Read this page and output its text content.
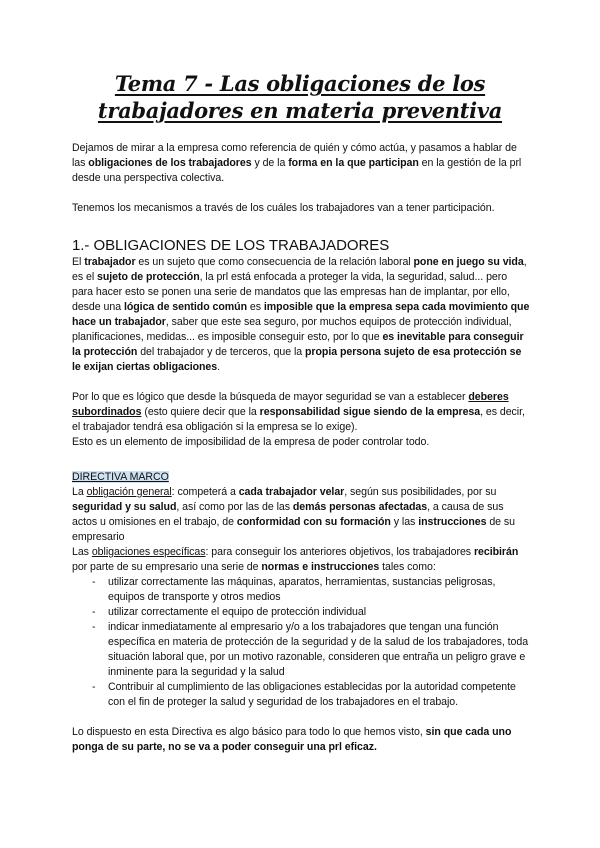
Tema 7 - Las obligaciones de los trabajadores en materia preventiva

Dejamos de mirar a la empresa como referencia de quién y cómo actúa, y pasamos a hablar de las obligaciones de los trabajadores y de la forma en la que participan en la gestión de la prl desde una perspectiva colectiva.

Tenemos los mecanismos a través de los cuáles los trabajadores van a tener participación.

1.- OBLIGACIONES DE LOS TRABAJADORES

El trabajador es un sujeto que como consecuencia de la relación laboral pone en juego su vida, es el sujeto de protección, la prl está enfocada a proteger la vida, la seguridad, salud... pero para hacer esto se ponen una serie de mandatos que las empresas han de implantar, por ello, desde una lógica de sentido común es imposible que la empresa sepa cada movimiento que hace un trabajador, saber que este sea seguro, por muchos equipos de protección individual, planificaciones, medidas... es imposible conseguir esto, por lo que es inevitable para conseguir la protección del trabajador y de terceros, que la propia persona sujeto de esa protección se le exijan ciertas obligaciones.

Por lo que es lógico que desde la búsqueda de mayor seguridad se van a establecer deberes subordinados (esto quiere decir que la responsabilidad sigue siendo de la empresa, es decir, el trabajador tendrá esa obligación si la empresa se lo exige).

Esto es un elemento de imposibilidad de la empresa de poder controlar todo.

DIRECTIVA MARCO

La obligación general: competerá a cada trabajador velar, según sus posibilidades, por su seguridad y su salud, así como por las de las demás personas afectadas, a causa de sus actos u omisiones en el trabajo, de conformidad con su formación y las instrucciones de su empresario

Las obligaciones específicas: para conseguir los anteriores objetivos, los trabajadores recibirán por parte de su empresario una serie de normas e instrucciones tales como:

- utilizar correctamente las máquinas, aparatos, herramientas, sustancias peligrosas, equipos de transporte y otros medios
- utilizar correctamente el equipo de protección individual
- indicar inmediatamente al empresario y/o a los trabajadores que tengan una función específica en materia de protección de la seguridad y de la salud de los trabajadores, toda situación laboral que, por un motivo razonable, consideren que entraña un peligro grave e inminente para la seguridad y la salud
- Contribuir al cumplimiento de las obligaciones establecidas por la autoridad competente con el fin de proteger la salud y seguridad de los trabajadores en el trabajo.

Lo dispuesto en esta Directiva es algo básico para todo lo que hemos visto, sin que cada uno ponga de su parte, no se va a poder conseguir una prl eficaz.
